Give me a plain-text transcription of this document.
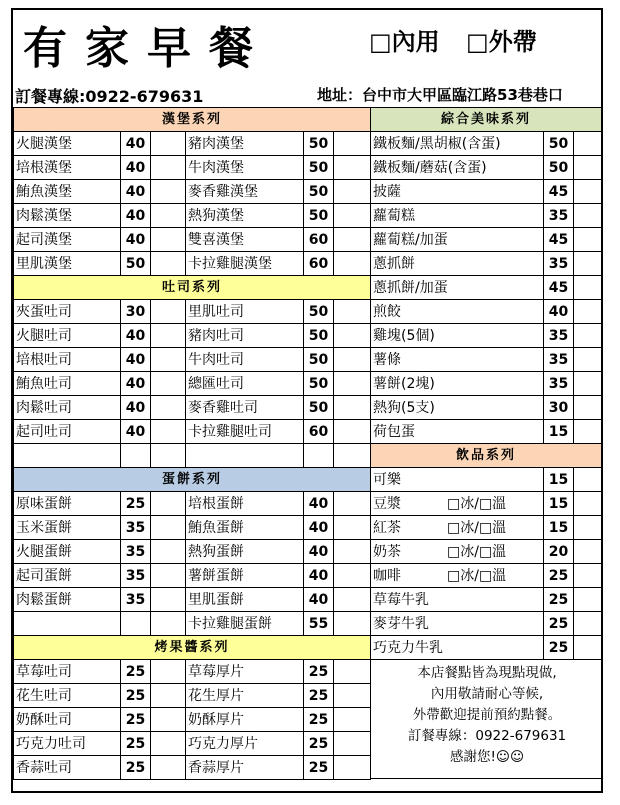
有家早餐	□內用 □外帶
訂餐專線:0922-679631	地址：台中市大甲區臨江路53巷巷口
漢堡系列					
火腿漢堡	40		豬肉漢堡	50	
培根漢堡	40		牛肉漢堡	50	
鮪魚漢堡	40		麥香雞漢堡	50	
肉鬆漢堡	40		熱狗漢堡	50	
起司漢堡	40		雙喜漢堡	60	
里肌漢堡	50		卡拉雞腿漢堡	60	
吐司系列					
夾蛋吐司	30		里肌吐司	50	
火腿吐司	40		豬肉吐司	50	
培根吐司	40		牛肉吐司	50	
鮪魚吐司	40		總匯吐司	50	
肉鬆吐司	40		麥香雞吐司	50	
起司吐司	40		卡拉雞腿吐司	60	

蛋餅系列					
原味蛋餅	25		培根蛋餅	40	
玉米蛋餅	35		鮪魚蛋餅	40	
火腿蛋餅	35		熱狗蛋餅	40	
起司蛋餅	35		薯餅蛋餅	40	
肉鬆蛋餅	35		里肌蛋餅	40	
			卡拉雞腿蛋餅	55	
烤果醬系列					
草莓吐司	25		草莓厚片	25	
花生吐司	25		花生厚片	25	
奶酥吐司	25		奶酥厚片	25	
巧克力吐司	25		巧克力厚片	25	
香蒜吐司	25		香蒜厚片	25	
綜合美味系列		
鐵板麵/黑胡椒(含蛋)	50	
鐵板麵/蘑菇(含蛋)	50	
披薩	45	
蘿蔔糕	35	
蘿蔔糕/加蛋	45	
蔥抓餅	35	
蔥抓餅/加蛋	45	
煎餃	40	
雞塊(5個)	35	
薯條	35	
薯餅(2塊)	35	
熱狗(5支)	30	
荷包蛋	15	
飲品系列		
可樂	15	
豆漿 □冰/□溫	15	
紅茶 □冰/□溫	15	
奶茶 □冰/□溫	20	
咖啡 □冰/□溫	25	
草莓牛乳	25	
麥芽牛乳	25	
巧克力牛乳	25	

本店餐點皆為現點現做,
內用敬請耐心等候,
外帶歡迎提前預約點餐。
訂餐專線：0922-679631
感謝您!☺☺		
